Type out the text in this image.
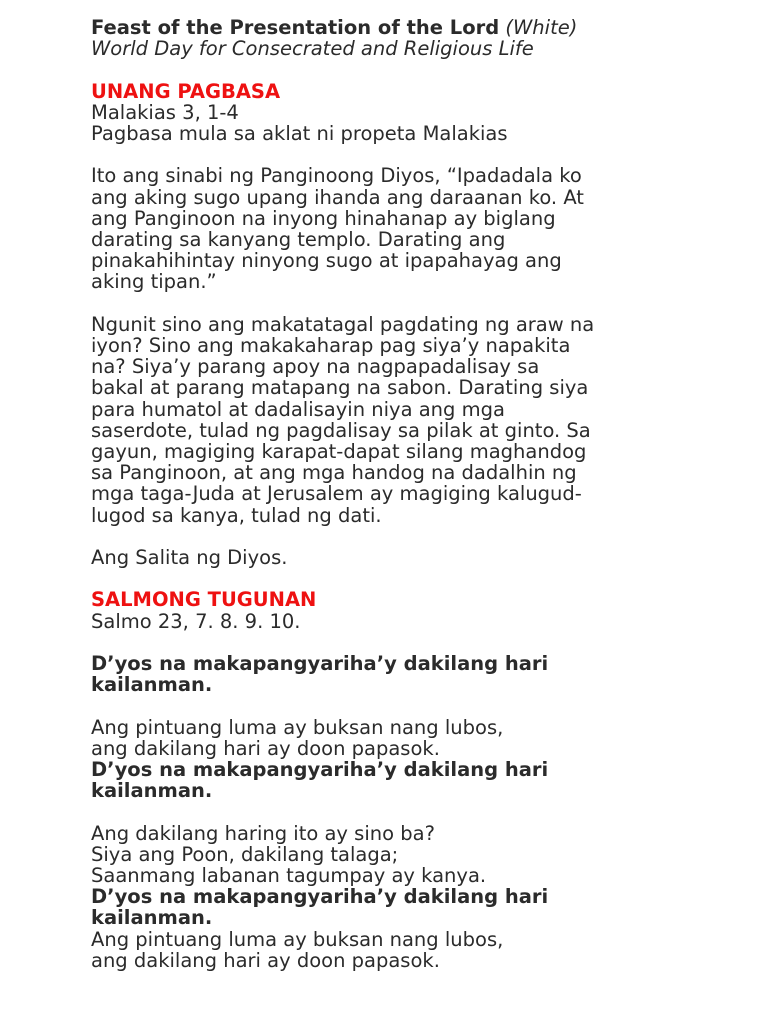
Feast of the Presentation of the Lord (White)

World Day for Consecrated and Religious Life

UNANG PAGBASA

Malakias 3, 1-4

Pagbasa mula sa aklat ni propeta Malakias

Ito ang sinabi ng Panginoong Diyos, “Ipadadala ko

ang aking sugo upang ihanda ang daraanan ko. At

ang Panginoon na inyong hinahanap ay biglang

darating sa kanyang templo. Darating ang

pinakahihintay ninyong sugo at ipapahayag ang

aking tipan.”

Ngunit sino ang makatatagal pagdating ng araw na

iyon? Sino ang makakaharap pag siya’y napakita

na? Siya’y parang apoy na nagpapadalisay sa

bakal at parang matapang na sabon. Darating siya

para humatol at dadalisayin niya ang mga

saserdote, tulad ng pagdalisay sa pilak at ginto. Sa

gayun, magiging karapat-dapat silang maghandog

sa Panginoon, at ang mga handog na dadalhin ng

mga taga-Juda at Jerusalem ay magiging kalugud-

lugod sa kanya, tulad ng dati.

Ang Salita ng Diyos.

SALMONG TUGUNAN

Salmo 23, 7. 8. 9. 10.

D’yos na makapangyariha’y dakilang hari

kailanman.

Ang pintuang luma ay buksan nang lubos,

ang dakilang hari ay doon papasok.

D’yos na makapangyariha’y dakilang hari

kailanman.

Ang dakilang haring ito ay sino ba?

Siya ang Poon, dakilang talaga;

Saanmang labanan tagumpay ay kanya.

D’yos na makapangyariha’y dakilang hari

kailanman.

Ang pintuang luma ay buksan nang lubos,

ang dakilang hari ay doon papasok.
